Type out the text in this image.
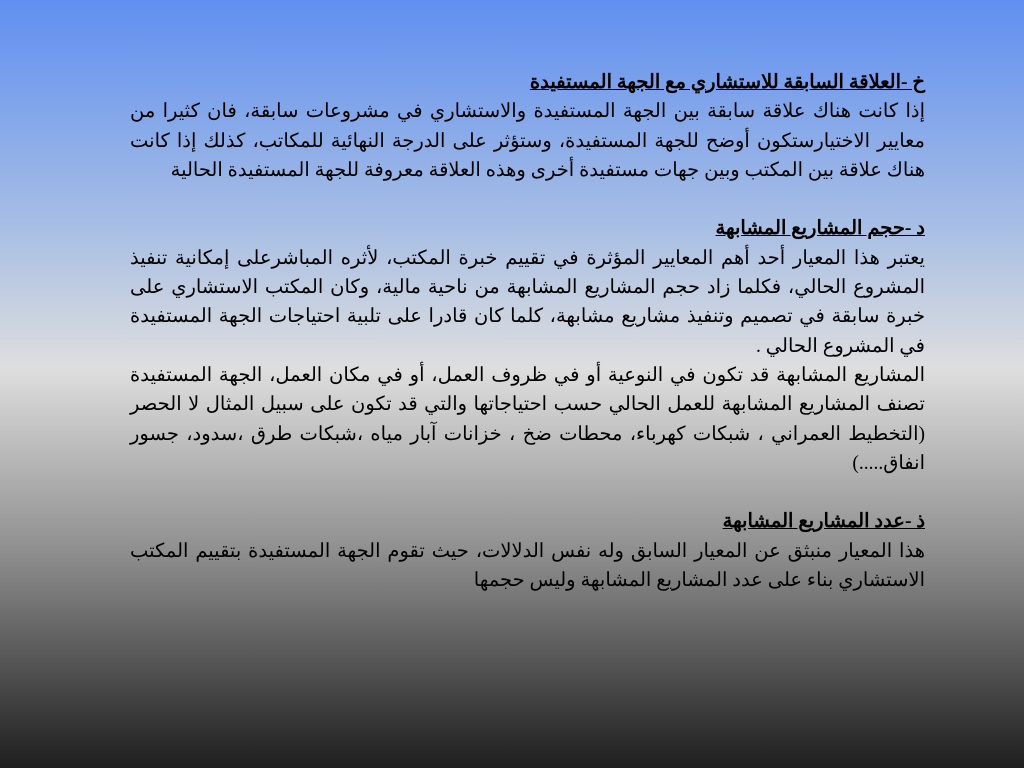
خ -العلاقة السابقة للاستشاري مع الجهة المستفيدة

إذا كانت هناك علاقة سابقة بين الجهة المستفيدة والاستشاري في مشروعات سابقة، فان كثيرا من معايير الاختيارستكون أوضح للجهة المستفيدة، وستؤثر على الدرجة النهائية للمكاتب، كذلك إذا كانت هناك علاقة بين المكتب وبين جهات مستفيدة أخرى وهذه العلاقة معروفة للجهة المستفيدة الحالية

د -حجم المشاريع المشابهة

يعتبر هذا المعيار أحد أهم المعايير المؤثرة في تقييم خبرة المكتب، لأثره المباشرعلى إمكانية تنفيذ المشروع الحالي، فكلما زاد حجم المشاريع المشابهة من ناحية مالية، وكان المكتب الاستشاري على خبرة سابقة في تصميم وتنفيذ مشاريع مشابهة، كلما كان قادرا على تلبية احتياجات الجهة المستفيدة في المشروع الحالي .

المشاريع المشابهة قد تكون في النوعية أو في ظروف العمل، أو في مكان العمل، الجهة المستفيدة تصنف المشاريع المشابهة للعمل الحالي حسب احتياجاتها والتي قد تكون على سبيل المثال لا الحصر (التخطيط العمراني ، شبكات كهرباء، محطات ضخ ، خزانات آبار مياه ،شبكات طرق ،سدود، جسور انفاق.....)

ذ -عدد المشاريع المشابهة

هذا المعيار منبثق عن المعيار السابق وله نفس الدلالات، حيث تقوم الجهة المستفيدة بتقييم المكتب الاستشاري بناء على عدد المشاريع المشابهة وليس حجمها
